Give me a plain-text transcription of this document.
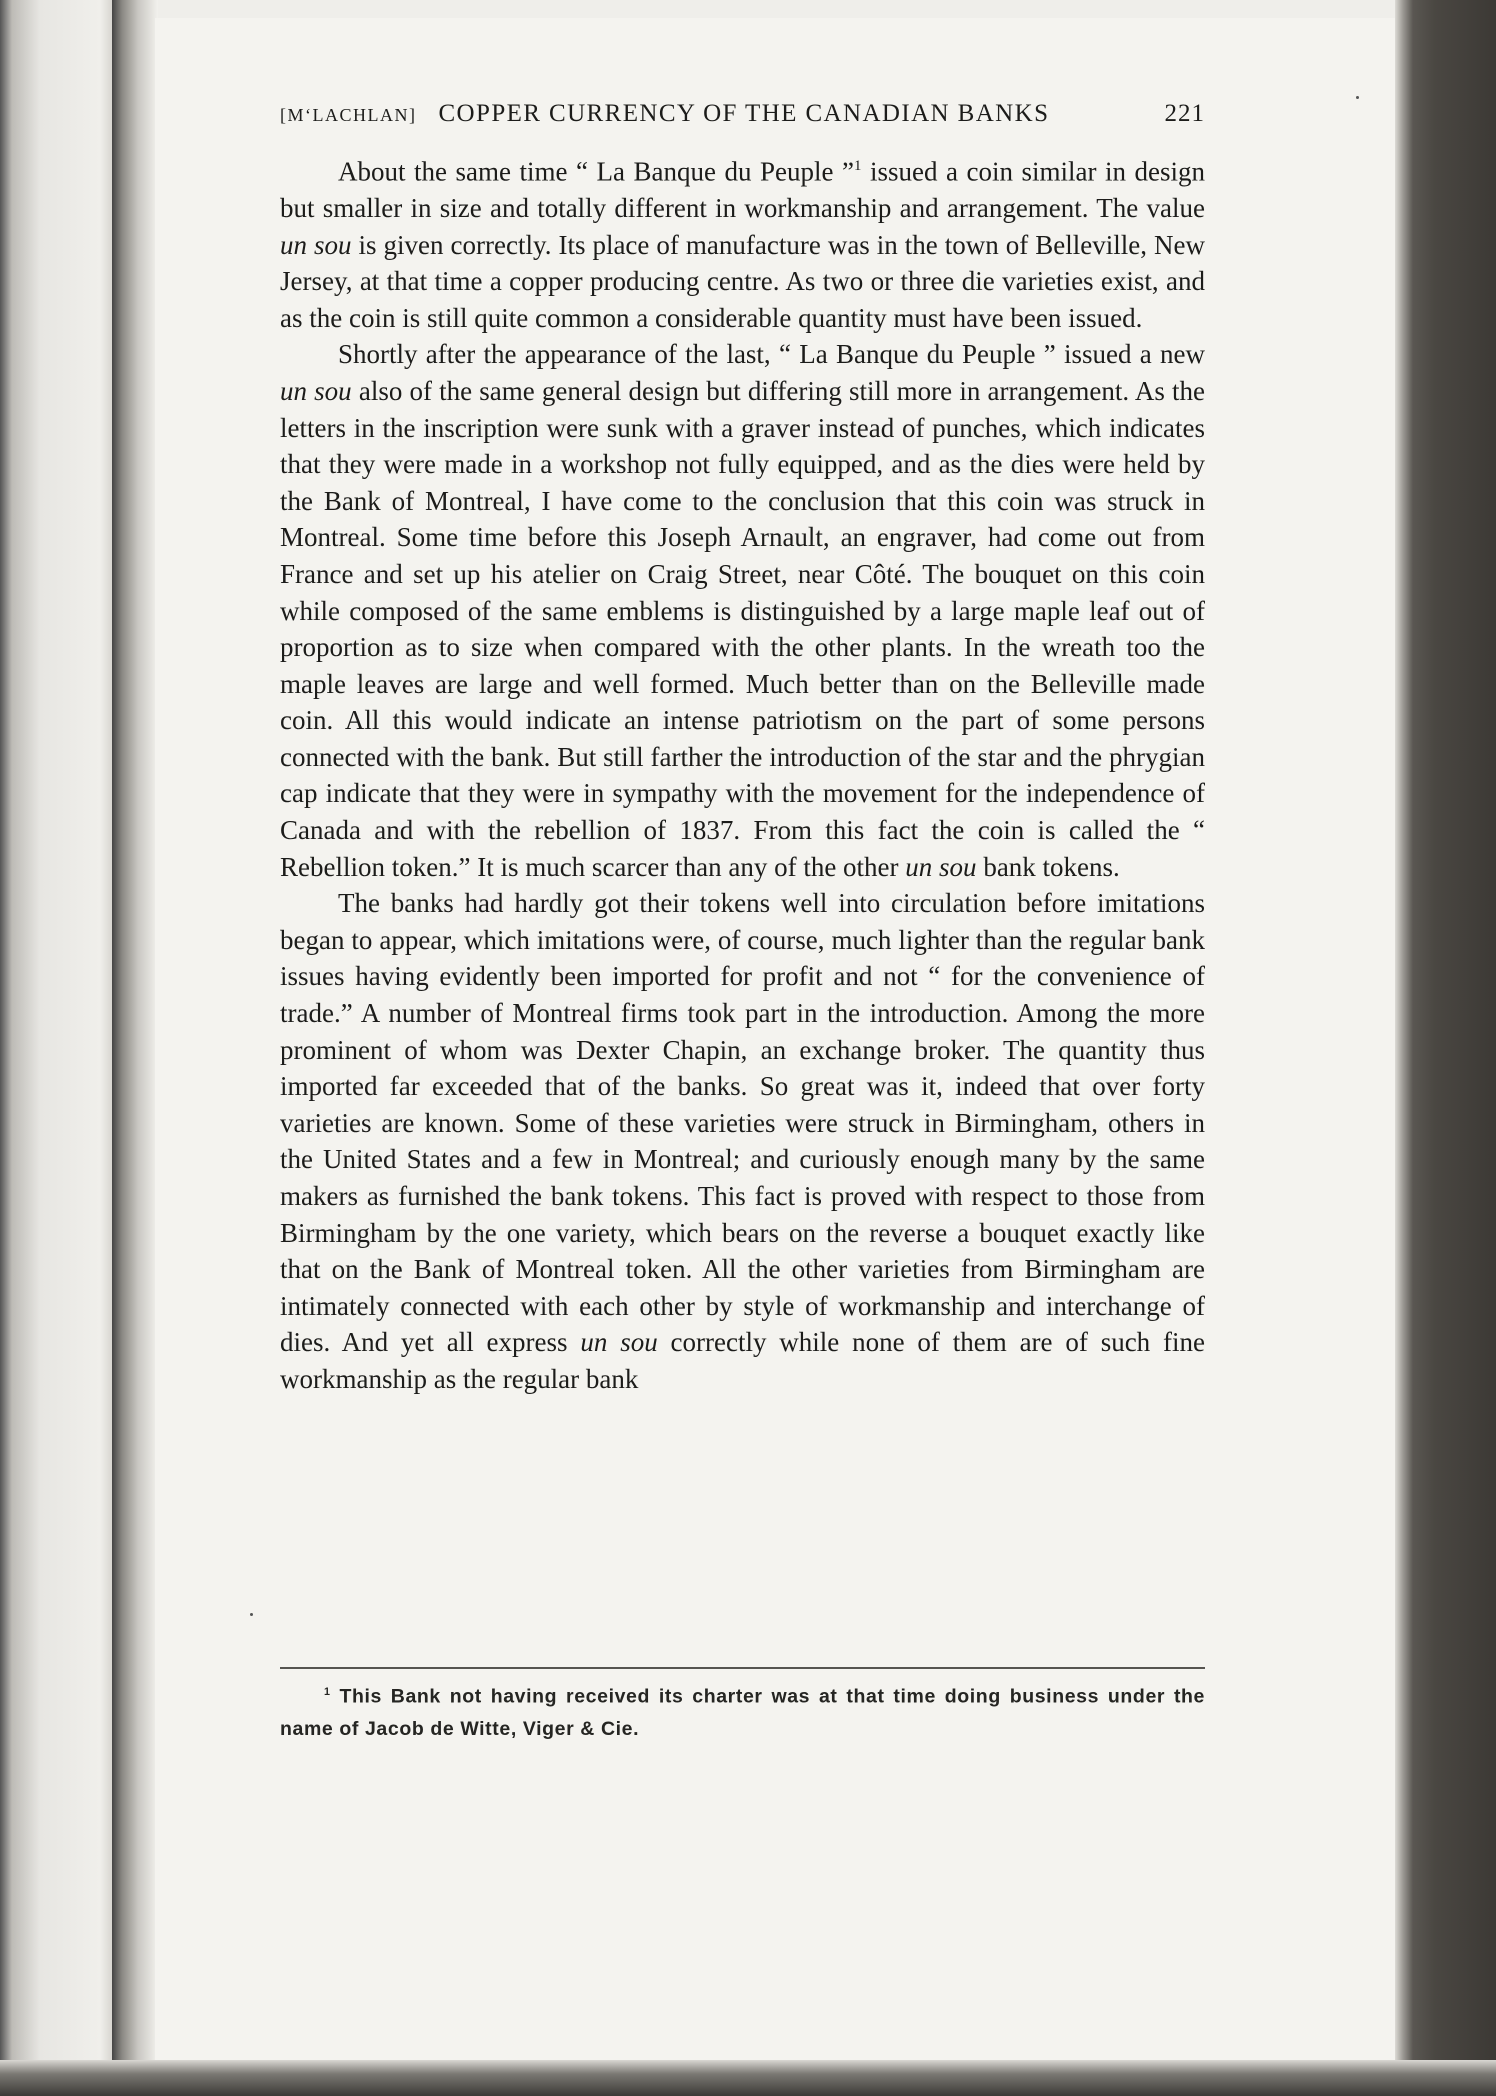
[M‘LACHLAN] COPPER CURRENCY OF THE CANADIAN BANKS	221

About the same time “ La Banque du Peuple ”$^1$ issued a coin similar in design but smaller in size and totally different in workmanship and arrangement. The value un sou is given correctly. Its place of manufacture was in the town of Belleville, New Jersey, at that time a copper producing centre. As two or three die varieties exist, and as the coin is still quite common a considerable quantity must have been issued.

Shortly after the appearance of the last, “ La Banque du Peuple ” issued a new un sou also of the same general design but differing still more in arrangement. As the letters in the inscription were sunk with a graver instead of punches, which indicates that they were made in a workshop not fully equipped, and as the dies were held by the Bank of Montreal, I have come to the conclusion that this coin was struck in Montreal. Some time before this Joseph Arnault, an engraver, had come out from France and set up his atelier on Craig Street, near Côté. The bouquet on this coin while composed of the same emblems is distinguished by a large maple leaf out of proportion as to size when compared with the other plants. In the wreath too the maple leaves are large and well formed. Much better than on the Belleville made coin. All this would indicate an intense patriotism on the part of some persons connected with the bank. But still farther the introduction of the star and the phrygian cap indicate that they were in sympathy with the movement for the independence of Canada and with the rebellion of 1837. From this fact the coin is called the “ Rebellion token.” It is much scarcer than any of the other un sou bank tokens.

The banks had hardly got their tokens well into circulation before imitations began to appear, which imitations were, of course, much lighter than the regular bank issues having evidently been imported for profit and not “ for the convenience of trade.” A number of Montreal firms took part in the introduction. Among the more prominent of whom was Dexter Chapin, an exchange broker. The quantity thus imported far exceeded that of the banks. So great was it, indeed that over forty varieties are known. Some of these varieties were struck in Birmingham, others in the United States and a few in Montreal; and curiously enough many by the same makers as furnished the bank tokens. This fact is proved with respect to those from Birmingham by the one variety, which bears on the reverse a bouquet exactly like that on the Bank of Montreal token. All the other varieties from Birmingham are intimately connected with each other by style of workmanship and interchange of dies. And yet all express un sou correctly while none of them are of such fine workmanship as the regular bank

$^1$ This Bank not having received its charter was at that time doing business under the name of Jacob de Witte, Viger & Cie.
